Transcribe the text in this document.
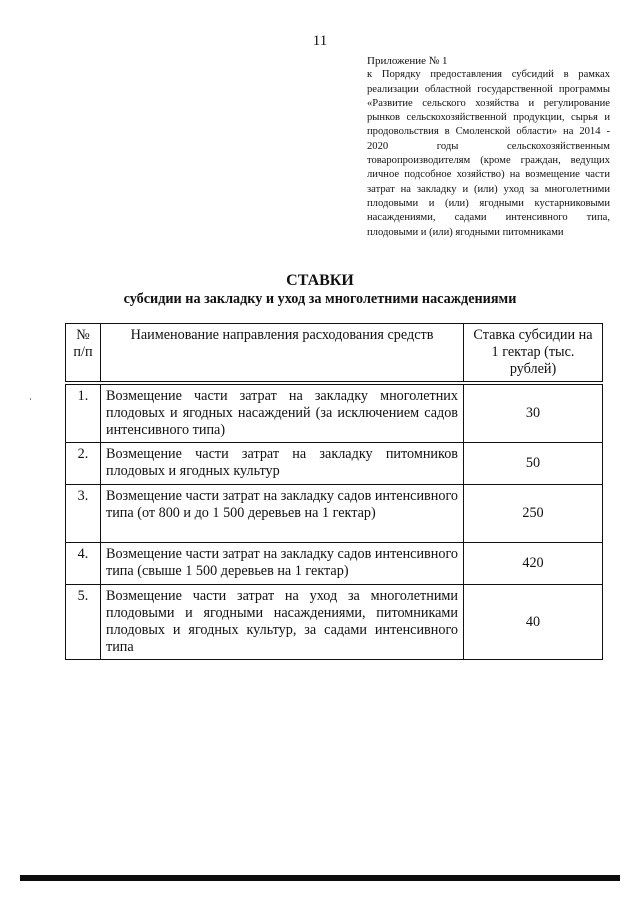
11
Приложение № 1
к Порядку предоставления субсидий в рамках реализации областной государственной программы «Развитие сельского хозяйства и регулирование рынков сельскохозяйственной продукции, сырья и продовольствия в Смоленской области» на 2014 - 2020 годы сельскохозяйственным товаропроизводителям (кроме граждан, ведущих личное подсобное хозяйство) на возмещение части затрат на закладку и (или) уход за многолетними плодовыми и (или) ягодными кустарниковыми насаждениями, садами интенсивного типа, плодовыми и (или) ягодными питомниками
СТАВКИ
субсидии на закладку и уход за многолетними насаждениями
№ п/п	Наименование направления расходования средств	Ставка субсидии на 1 гектар (тыс. рублей)

1.	Возмещение части затрат на закладку многолетних плодовых и ягодных насаждений (за исключением садов интенсивного типа)	30
2.	Возмещение части затрат на закладку питомников плодовых и ягодных культур	50
3.	Возмещение части затрат на закладку садов интенсивного типа (от 800 и до 1 500 деревьев на 1 гектар)	250
4.	Возмещение части затрат на закладку садов интенсивного типа (свыше 1 500 деревьев на 1 гектар)	420
5.	Возмещение части затрат на уход за многолетними плодовыми и ягодными насаждениями, питомниками плодовых и ягодных культур, за садами интенсивного типа	40
